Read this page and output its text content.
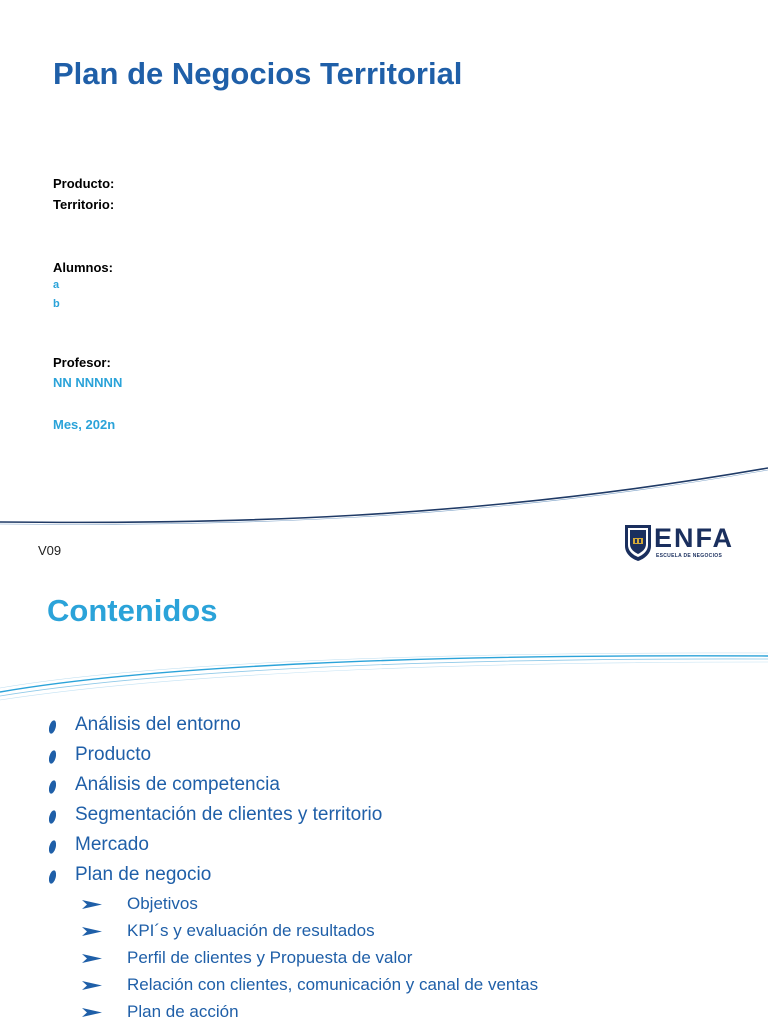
Plan de Negocios Territorial
Producto:
Territorio:
Alumnos:
a
b
Profesor:
NN NNNNN
Mes, 202n
V09	ENFA
ESCUELA DE NEGOCIOS
Contenidos
Análisis del entorno
Producto
Análisis de competencia
Segmentación de clientes y territorio
Mercado
Plan de negocio
Objetivos
KPI´s y evaluación de resultados
Perfil de clientes y Propuesta de valor
Relación con clientes, comunicación y canal de ventas
Plan de acción
